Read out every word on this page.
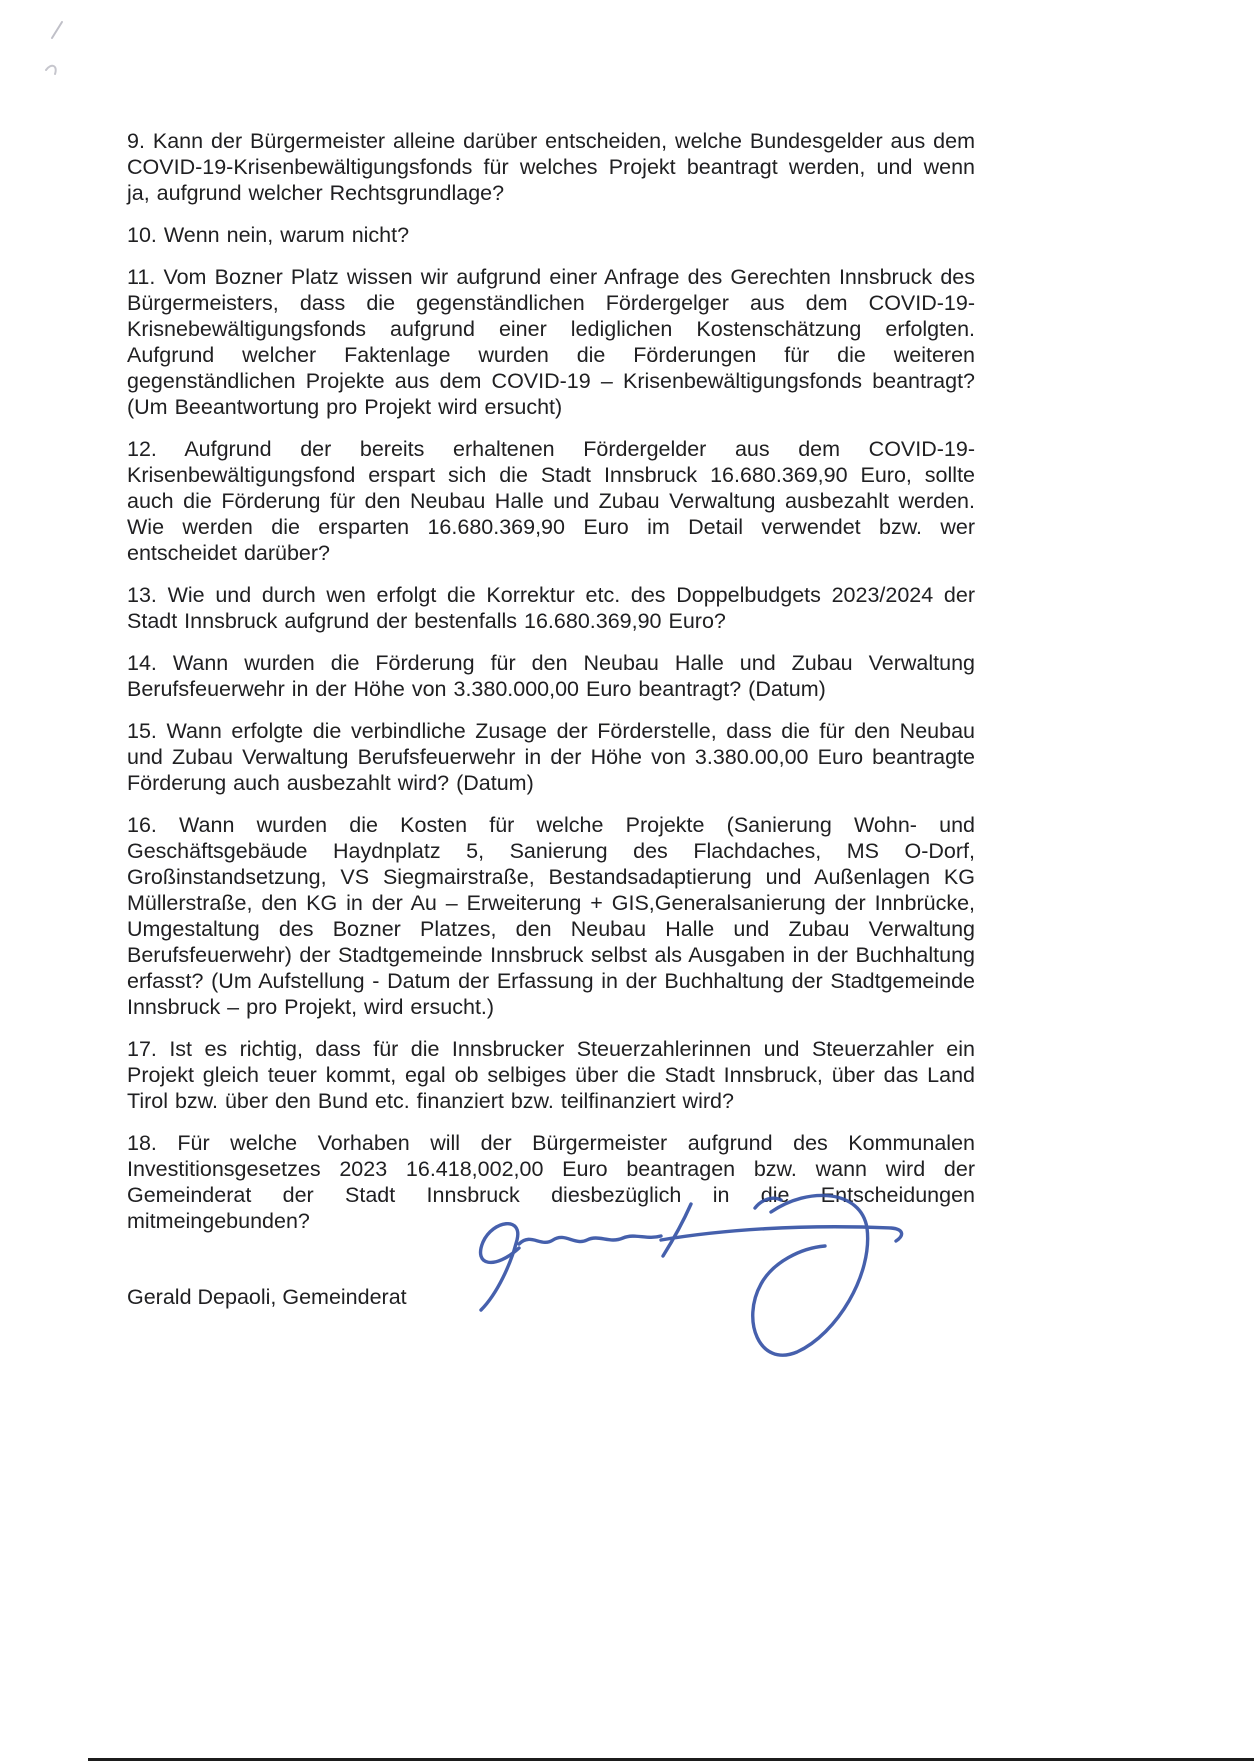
9. Kann der Bürgermeister alleine darüber entscheiden, welche Bundesgelder aus dem COVID-19-Krisenbewältigungsfonds für welches Projekt beantragt werden, und wenn ja, aufgrund welcher Rechtsgrundlage?

10. Wenn nein, warum nicht?

11. Vom Bozner Platz wissen wir aufgrund einer Anfrage des Gerechten Innsbruck des Bürgermeisters, dass die gegenständlichen Fördergelger aus dem COVID-19-Krisnebewältigungsfonds aufgrund einer lediglichen Kostenschätzung erfolgten. Aufgrund welcher Faktenlage wurden die Förderungen für die weiteren gegenständlichen Projekte aus dem COVID-19 – Krisenbewältigungsfonds beantragt? (Um Beeantwortung pro Projekt wird ersucht)

12. Aufgrund der bereits erhaltenen Fördergelder aus dem COVID-19-Krisenbewältigungsfond erspart sich die Stadt Innsbruck 16.680.369,90 Euro, sollte auch die Förderung für den Neubau Halle und Zubau Verwaltung ausbezahlt werden. Wie werden die ersparten 16.680.369,90 Euro im Detail verwendet bzw. wer entscheidet darüber?

13. Wie und durch wen erfolgt die Korrektur etc. des Doppelbudgets 2023/2024 der Stadt Innsbruck aufgrund der bestenfalls 16.680.369,90 Euro?

14. Wann wurden die Förderung für den Neubau Halle und Zubau Verwaltung Berufsfeuerwehr in der Höhe von 3.380.000,00 Euro beantragt? (Datum)

15. Wann erfolgte die verbindliche Zusage der Förderstelle, dass die für den Neubau und Zubau Verwaltung Berufsfeuerwehr in der Höhe von 3.380.00,00 Euro beantragte Förderung auch ausbezahlt wird? (Datum)

16. Wann wurden die Kosten für welche Projekte (Sanierung Wohn- und Geschäftsgebäude Haydnplatz 5, Sanierung des Flachdaches, MS O-Dorf, Großinstandsetzung, VS Siegmairstraße, Bestandsadaptierung und Außenlagen KG Müllerstraße, den KG in der Au – Erweiterung + GIS,Generalsanierung der Innbrücke, Umgestaltung des Bozner Platzes, den Neubau Halle und Zubau Verwaltung Berufsfeuerwehr) der Stadtgemeinde Innsbruck selbst als Ausgaben in der Buchhaltung erfasst? (Um Aufstellung - Datum der Erfassung in der Buchhaltung der Stadtgemeinde Innsbruck – pro Projekt, wird ersucht.)

17. Ist es richtig, dass für die Innsbrucker Steuerzahlerinnen und Steuerzahler ein Projekt gleich teuer kommt, egal ob selbiges über die Stadt Innsbruck, über das Land Tirol bzw. über den Bund etc. finanziert bzw. teilfinanziert wird?

18. Für welche Vorhaben will der Bürgermeister aufgrund des Kommunalen Investitionsgesetzes 2023 16.418,002,00 Euro beantragen bzw. wann wird der Gemeinderat der Stadt Innsbruck diesbezüglich in die Entscheidungen mitmeingebunden?

Gerald Depaoli, Gemeinderat
